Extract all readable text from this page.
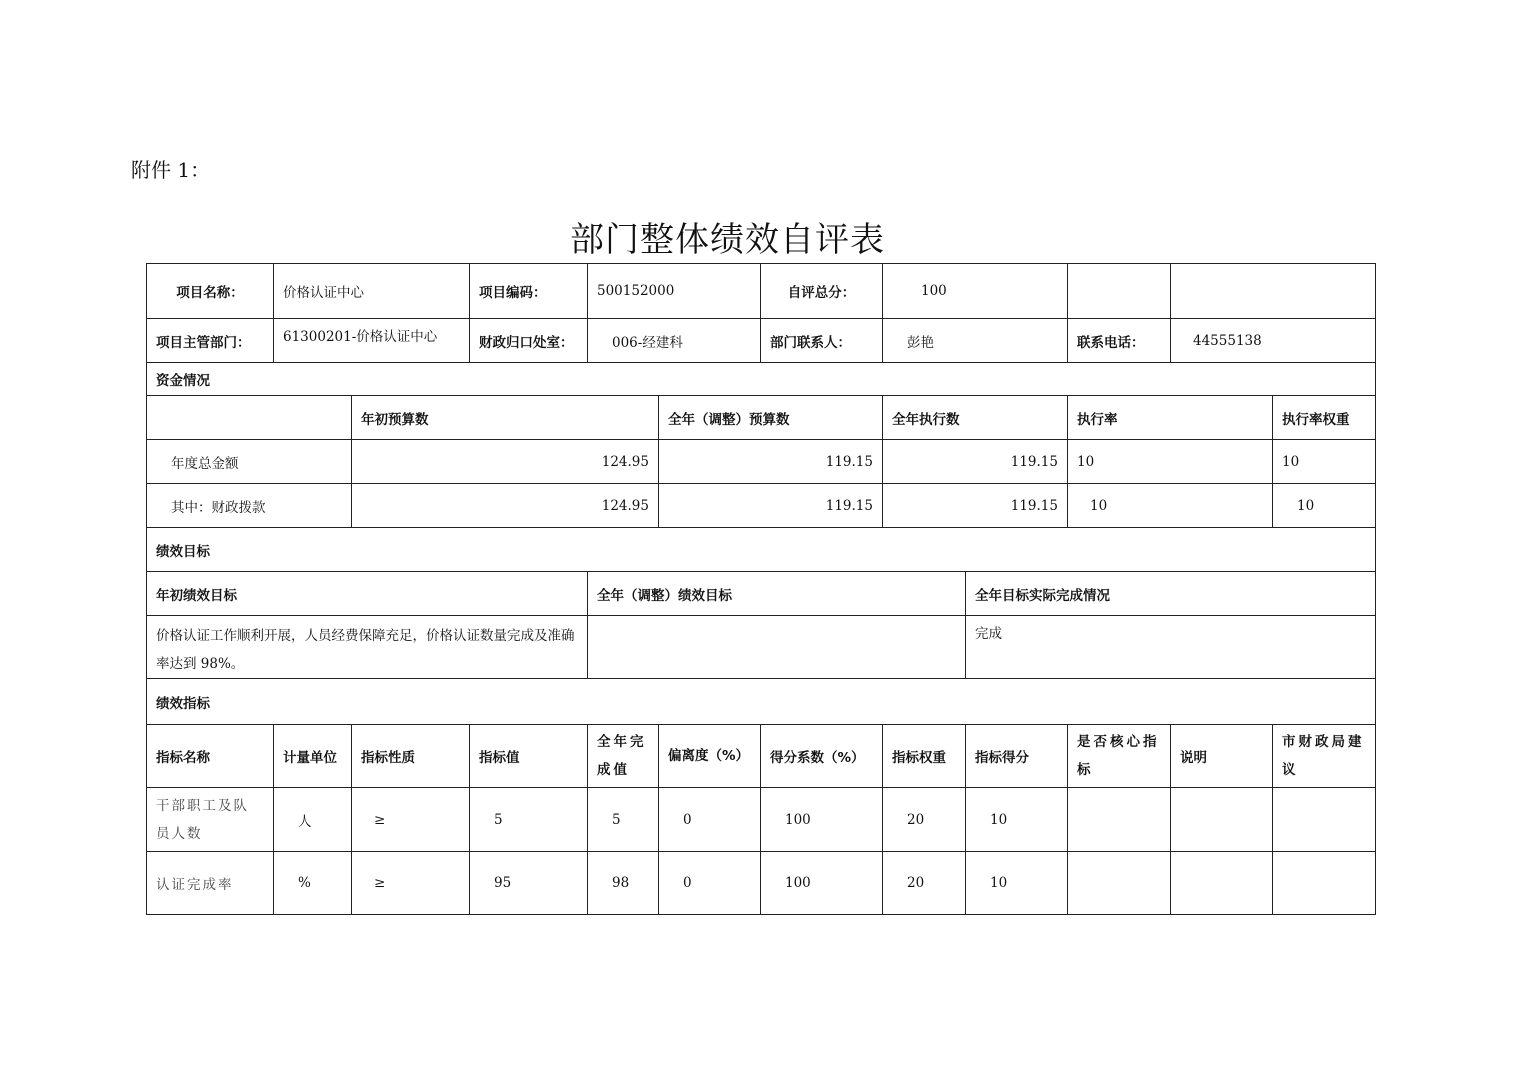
附件 1：
部门整体绩效自评表
项目名称：	价格认证中心		项目编码：	500152000		自评总分：	100					
项目主管部门：	61300201-价格认证中心		财政归口处室：	006-经建科		部门联系人：	彭艳		联系电话：	44555138		
资金情况												
		年初预算数			全年（调整）预算数		全年执行数		执行率		执行率权重	
年度总金额		124.95			119.15		119.15		10		10	
其中：财政拨款		124.95			119.15		119.15		10		10	
绩效目标												
年初绩效目标				全年（调整）绩效目标				全年目标实际完成情况				
价格认证工作顺利开展，人员经费保障充足，价格认证数量完成及准确率达到 98%。								完成				
绩效指标												
指标名称	计量单位	指标性质	指标值	全年完成值	偏离度（%）	得分系数（%）	指标权重	指标得分	是否核心指标	说明	市财政局建议	
干部职工及队员人数	人	≥	5	5	0	100	20	10				
认证完成率	%	≥	95	98	0	100	20	10				
